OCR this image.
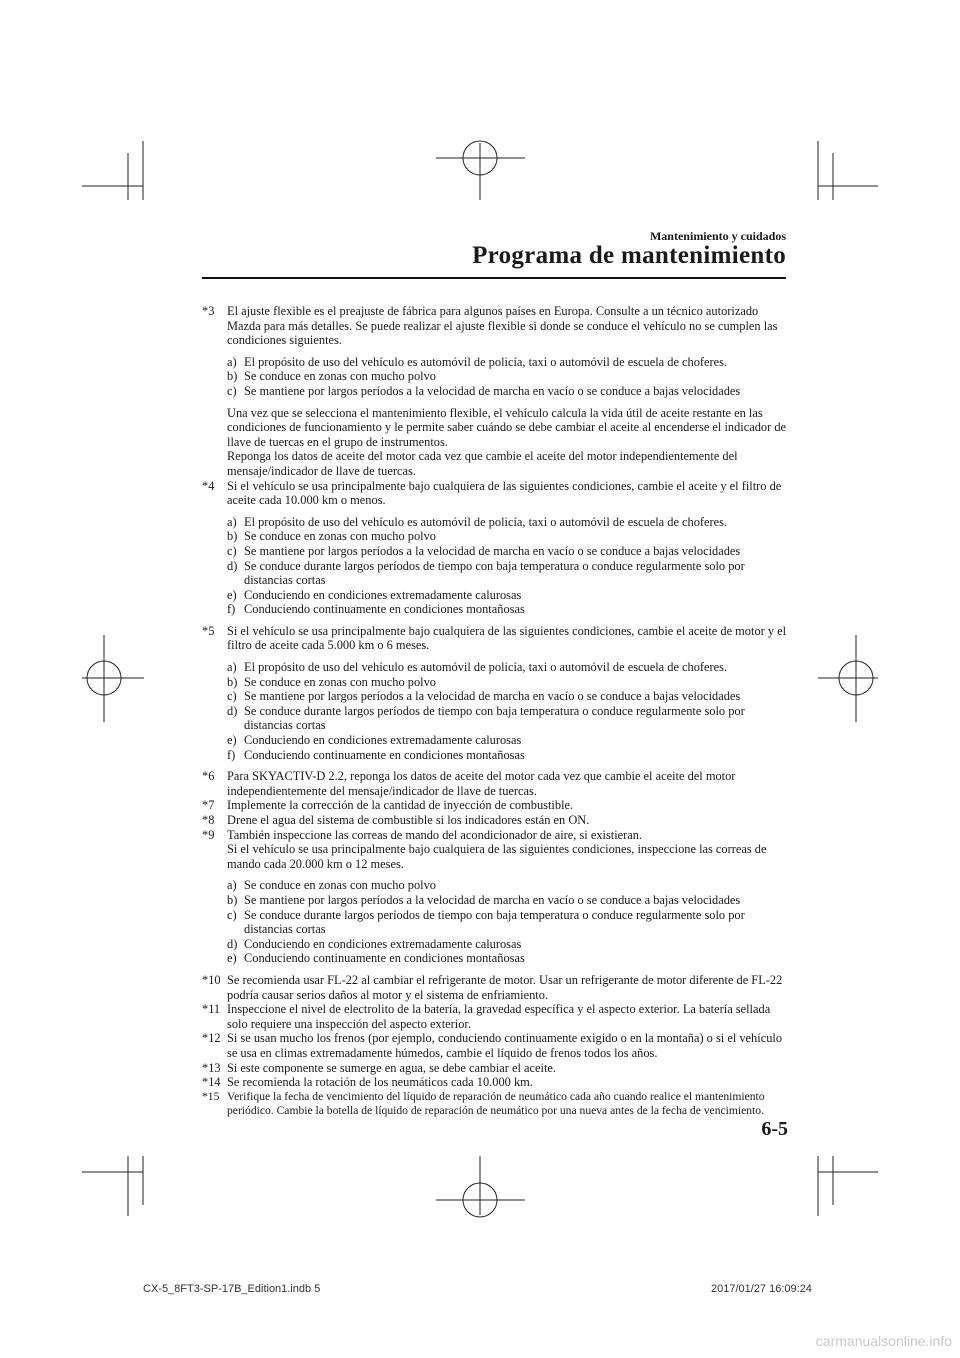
Mantenimiento y cuidados
Programa de mantenimiento
*3 El ajuste flexible es el preajuste de fábrica para algunos países en Europa. Consulte a un técnico autorizado Mazda para más detalles. Se puede realizar el ajuste flexible si donde se conduce el vehículo no se cumplen las condiciones siguientes.
a) El propósito de uso del vehículo es automóvil de policía, taxi o automóvil de escuela de choferes.
b) Se conduce en zonas con mucho polvo
c) Se mantiene por largos períodos a la velocidad de marcha en vacío o se conduce a bajas velocidades
Una vez que se selecciona el mantenimiento flexible, el vehículo calcula la vida útil de aceite restante en las condiciones de funcionamiento y le permite saber cuándo se debe cambiar el aceite al encenderse el indicador de llave de tuercas en el grupo de instrumentos.
Reponga los datos de aceite del motor cada vez que cambie el aceite del motor independientemente del mensaje/indicador de llave de tuercas.
*4 Si el vehículo se usa principalmente bajo cualquiera de las siguientes condiciones, cambie el aceite y el filtro de aceite cada 10.000 km o menos.
a) El propósito de uso del vehículo es automóvil de policía, taxi o automóvil de escuela de choferes.
b) Se conduce en zonas con mucho polvo
c) Se mantiene por largos períodos a la velocidad de marcha en vacío o se conduce a bajas velocidades
d) Se conduce durante largos períodos de tiempo con baja temperatura o conduce regularmente solo por distancias cortas
e) Conduciendo en condiciones extremadamente calurosas
f) Conduciendo continuamente en condiciones montañosas
*5 Si el vehículo se usa principalmente bajo cualquiera de las siguientes condiciones, cambie el aceite de motor y el filtro de aceite cada 5.000 km o 6 meses.
a) El propósito de uso del vehículo es automóvil de policía, taxi o automóvil de escuela de choferes.
b) Se conduce en zonas con mucho polvo
c) Se mantiene por largos períodos a la velocidad de marcha en vacío o se conduce a bajas velocidades
d) Se conduce durante largos períodos de tiempo con baja temperatura o conduce regularmente solo por distancias cortas
e) Conduciendo en condiciones extremadamente calurosas
f) Conduciendo continuamente en condiciones montañosas
*6 Para SKYACTIV-D 2.2, reponga los datos de aceite del motor cada vez que cambie el aceite del motor independientemente del mensaje/indicador de llave de tuercas.
*7 Implemente la corrección de la cantidad de inyección de combustible.
*8 Drene el agua del sistema de combustible si los indicadores están en ON.
*9 También inspeccione las correas de mando del acondicionador de aire, si existieran.
Si el vehículo se usa principalmente bajo cualquiera de las siguientes condiciones, inspeccione las correas de mando cada 20.000 km o 12 meses.
a) Se conduce en zonas con mucho polvo
b) Se mantiene por largos períodos a la velocidad de marcha en vacío o se conduce a bajas velocidades
c) Se conduce durante largos períodos de tiempo con baja temperatura o conduce regularmente solo por distancias cortas
d) Conduciendo en condiciones extremadamente calurosas
e) Conduciendo continuamente en condiciones montañosas
*10 Se recomienda usar FL-22 al cambiar el refrigerante de motor. Usar un refrigerante de motor diferente de FL-22 podría causar serios daños al motor y el sistema de enfriamiento.
*11 Inspeccione el nivel de electrolito de la batería, la gravedad específica y el aspecto exterior. La batería sellada solo requiere una inspección del aspecto exterior.
*12 Si se usan mucho los frenos (por ejemplo, conduciendo continuamente exigido o en la montaña) o si el vehículo se usa en climas extremadamente húmedos, cambie el líquido de frenos todos los años.
*13 Si este componente se sumerge en agua, se debe cambiar el aceite.
*14 Se recomienda la rotación de los neumáticos cada 10.000 km.
*15 Verifique la fecha de vencimiento del líquido de reparación de neumático cada año cuando realice el mantenimiento periódico. Cambie la botella de líquido de reparación de neumático por una nueva antes de la fecha de vencimiento.
6-5
CX-5_8FT3-SP-17B_Edition1.indb 5	2017/01/27 16:09:24
carmanualsonline.info
